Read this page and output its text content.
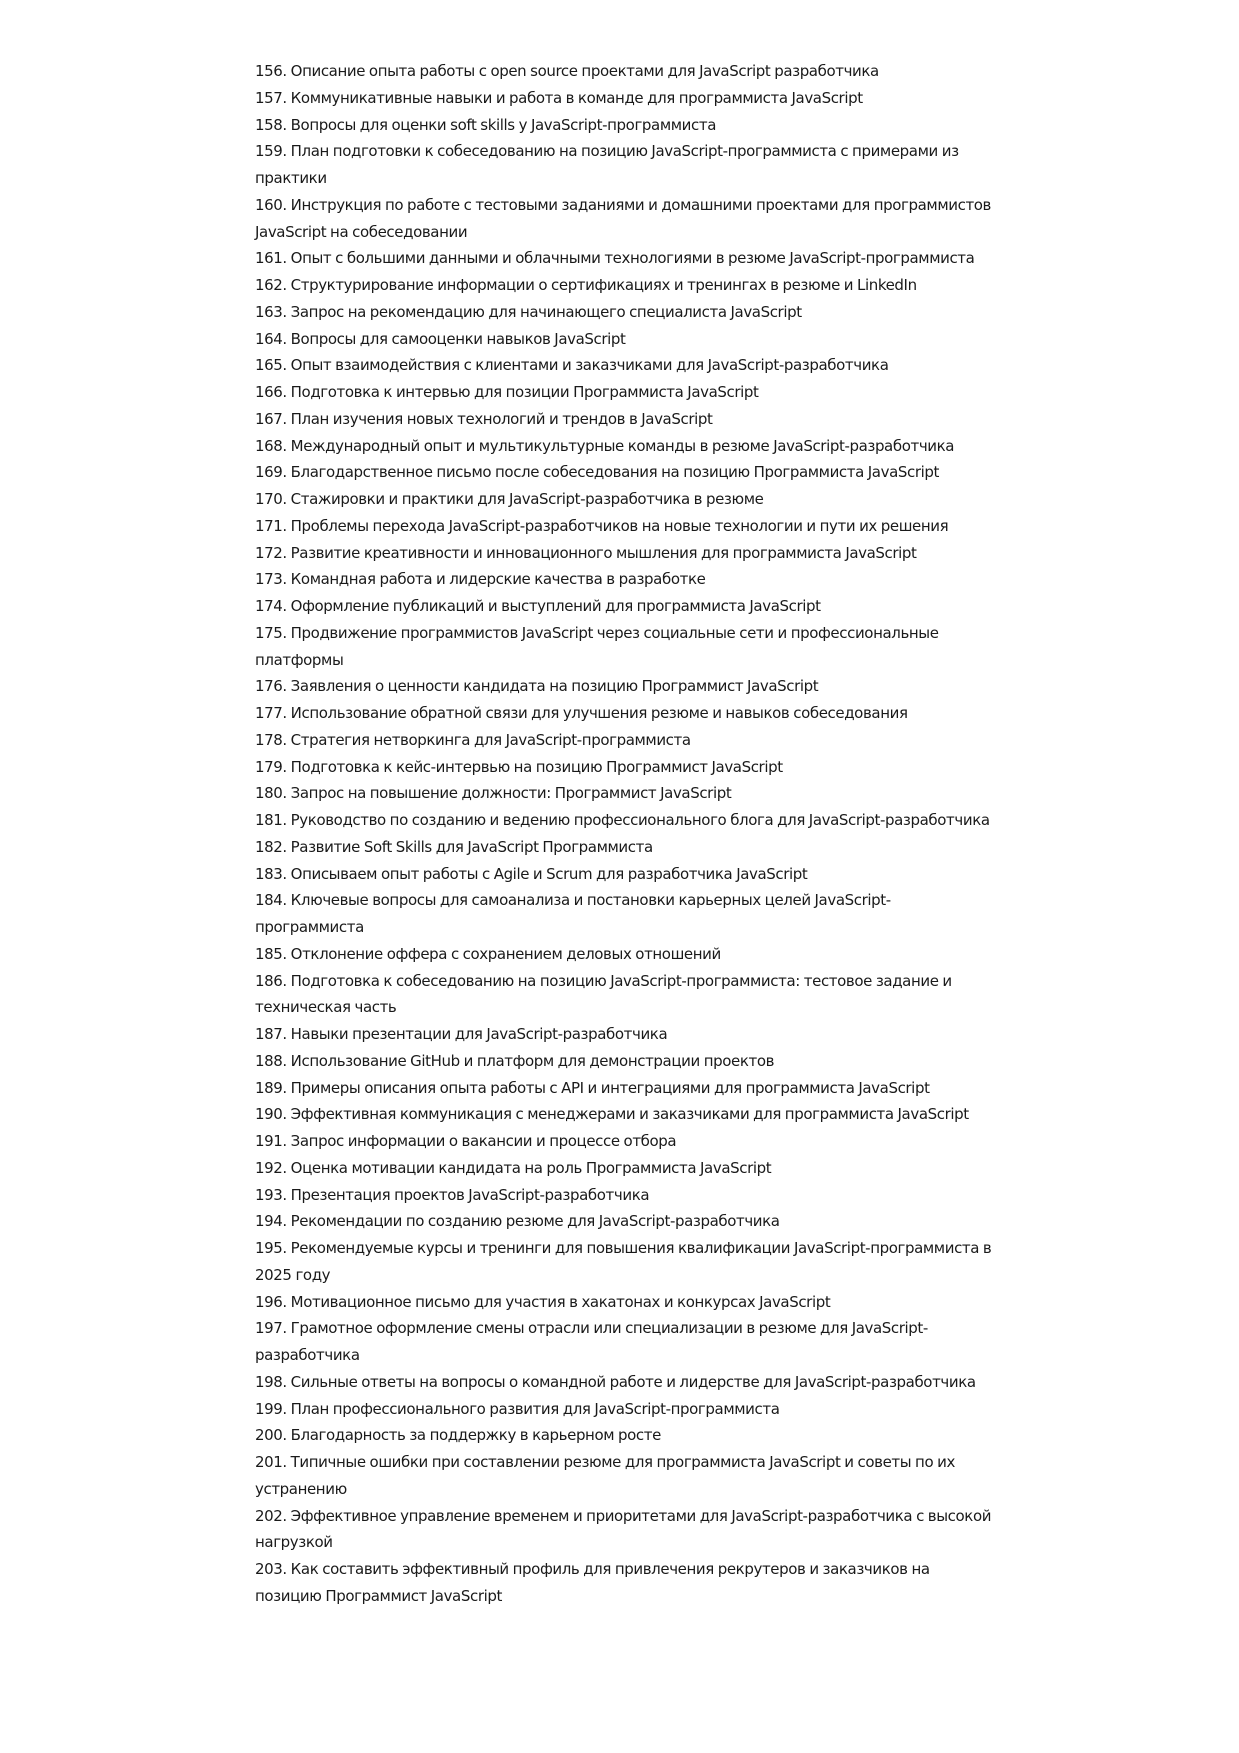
156. Описание опыта работы с open source проектами для JavaScript разработчика

157. Коммуникативные навыки и работа в команде для программиста JavaScript

158. Вопросы для оценки soft skills у JavaScript-программиста

159. План подготовки к собеседованию на позицию JavaScript-программиста с примерами из практики

160. Инструкция по работе с тестовыми заданиями и домашними проектами для программистов JavaScript на собеседовании

161. Опыт с большими данными и облачными технологиями в резюме JavaScript-программиста

162. Структурирование информации о сертификациях и тренингах в резюме и LinkedIn

163. Запрос на рекомендацию для начинающего специалиста JavaScript

164. Вопросы для самооценки навыков JavaScript

165. Опыт взаимодействия с клиентами и заказчиками для JavaScript-разработчика

166. Подготовка к интервью для позиции Программиста JavaScript

167. План изучения новых технологий и трендов в JavaScript

168. Международный опыт и мультикультурные команды в резюме JavaScript-разработчика

169. Благодарственное письмо после собеседования на позицию Программиста JavaScript

170. Стажировки и практики для JavaScript-разработчика в резюме

171. Проблемы перехода JavaScript-разработчиков на новые технологии и пути их решения

172. Развитие креативности и инновационного мышления для программиста JavaScript

173. Командная работа и лидерские качества в разработке

174. Оформление публикаций и выступлений для программиста JavaScript

175. Продвижение программистов JavaScript через социальные сети и профессиональные платформы

176. Заявления о ценности кандидата на позицию Программист JavaScript

177. Использование обратной связи для улучшения резюме и навыков собеседования

178. Стратегия нетворкинга для JavaScript-программиста

179. Подготовка к кейс-интервью на позицию Программист JavaScript

180. Запрос на повышение должности: Программист JavaScript

181. Руководство по созданию и ведению профессионального блога для JavaScript-разработчика

182. Развитие Soft Skills для JavaScript Программиста

183. Описываем опыт работы с Agile и Scrum для разработчика JavaScript

184. Ключевые вопросы для самоанализа и постановки карьерных целей JavaScript-программиста

185. Отклонение оффера с сохранением деловых отношений

186. Подготовка к собеседованию на позицию JavaScript-программиста: тестовое задание и техническая часть

187. Навыки презентации для JavaScript-разработчика

188. Использование GitHub и платформ для демонстрации проектов

189. Примеры описания опыта работы с API и интеграциями для программиста JavaScript

190. Эффективная коммуникация с менеджерами и заказчиками для программиста JavaScript

191. Запрос информации о вакансии и процессе отбора

192. Оценка мотивации кандидата на роль Программиста JavaScript

193. Презентация проектов JavaScript-разработчика

194. Рекомендации по созданию резюме для JavaScript-разработчика

195. Рекомендуемые курсы и тренинги для повышения квалификации JavaScript-программиста в 2025 году

196. Мотивационное письмо для участия в хакатонах и конкурсах JavaScript

197. Грамотное оформление смены отрасли или специализации в резюме для JavaScript-разработчика

198. Сильные ответы на вопросы о командной работе и лидерстве для JavaScript-разработчика

199. План профессионального развития для JavaScript-программиста

200. Благодарность за поддержку в карьерном росте

201. Типичные ошибки при составлении резюме для программиста JavaScript и советы по их устранению

202. Эффективное управление временем и приоритетами для JavaScript-разработчика с высокой нагрузкой

203. Как составить эффективный профиль для привлечения рекрутеров и заказчиков на позицию Программист JavaScript
